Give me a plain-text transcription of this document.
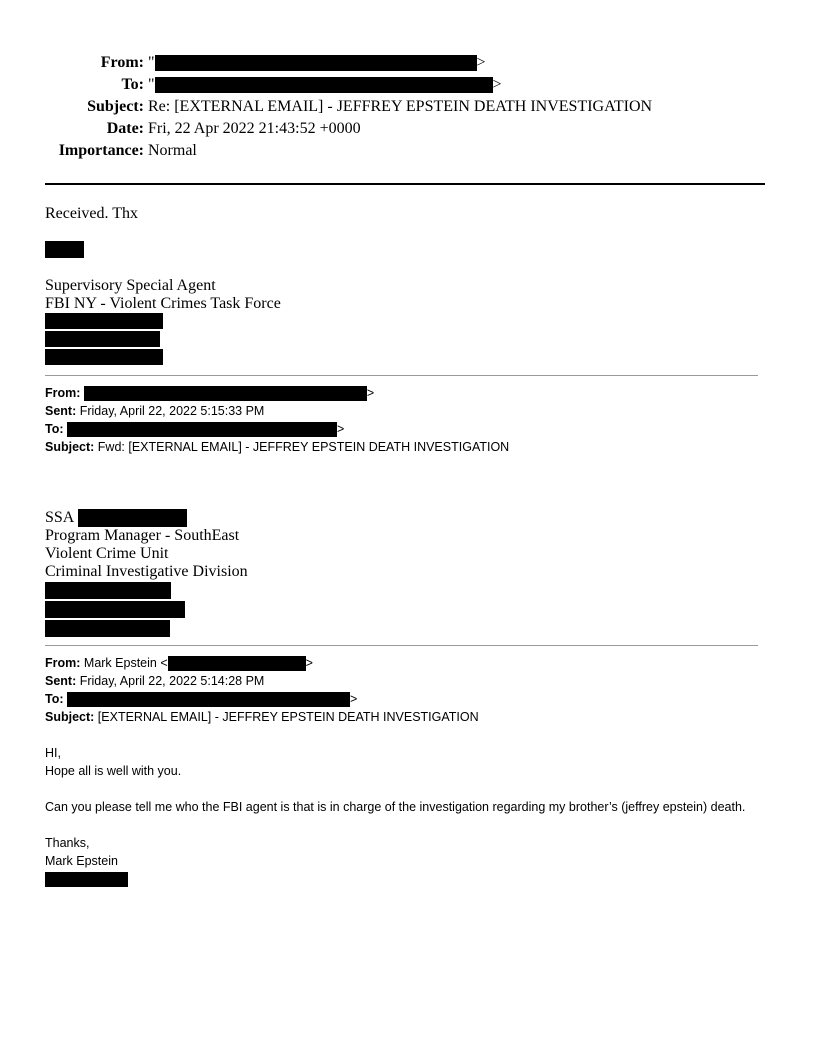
From: "	>
To: "	>
Subject: Re: [EXTERNAL EMAIL] - JEFFREY EPSTEIN DEATH INVESTIGATION
Date: Fri, 22 Apr 2022 21:43:52 +0000
Importance: Normal
Received. Thx
Supervisory Special Agent
FBI NY - Violent Crimes Task Force
From:
	>
Sent:
Friday, April 22, 2022 5:15:33 PM
To:
	>
Subject:
Fwd: [EXTERNAL EMAIL] - JEFFREY EPSTEIN DEATH INVESTIGATION
SSA

Program Manager - SouthEast
Violent Crime Unit
Criminal Investigative Division
From:
Mark Epstein <	>
Sent:
Friday, April 22, 2022 5:14:28 PM
To:
	>
Subject:
[EXTERNAL EMAIL] - JEFFREY EPSTEIN DEATH INVESTIGATION

HI,

Hope all is well with you.

Can you please tell me who the FBI agent is that is in charge of the investigation regarding my brother’s (jeffrey epstein) death.

Thanks,

Mark Epstein
